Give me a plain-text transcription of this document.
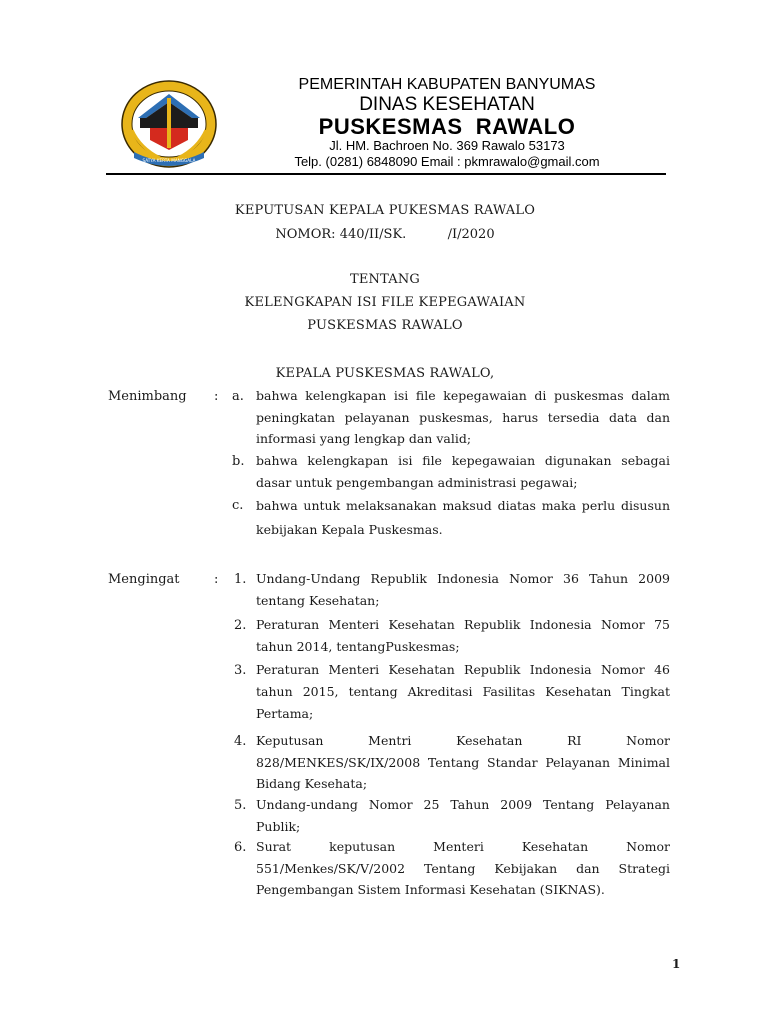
SATYA KERTA MANGGALA
PEMERINTAH KABUPATEN BANYUMAS
DINAS KESEHATAN
PUSKESMAS  RAWALO
Jl. HM. Bachroen No. 369 Rawalo 53173
Telp. (0281) 6848090 Email : pkmrawalo@gmail.com
KEPUTUSAN KEPALA PUKESMAS RAWALO
NOMOR: 440/II/SK.          /I/2020
TENTANG
KELENGKAPAN ISI FILE KEPEGAWAIAN
PUSKESMAS RAWALO
KEPALA PUSKESMAS RAWALO,
Menimbang : a. bahwa kelengkapan isi file kepegawaian di puskesmas dalam peningkatan pelayanan puskesmas, harus tersedia data dan informasi yang lengkap dan valid;
b. bahwa kelengkapan isi file kepegawaian digunakan sebagai dasar untuk pengembangan administrasi pegawai;
c. bahwa untuk melaksanakan maksud diatas maka perlu disusun kebijakan Kepala Puskesmas.
Mengingat	: 1. Undang-Undang Republik Indonesia Nomor 36 Tahun 2009 tentang Kesehatan;
2. Peraturan Menteri Kesehatan Republik Indonesia Nomor 75 tahun 2014, tentangPuskesmas;
3. Peraturan Menteri Kesehatan Republik Indonesia Nomor 46 tahun 2015, tentang Akreditasi Fasilitas Kesehatan Tingkat Pertama;
4. Keputusan Mentri Kesehatan RI Nomor 828/MENKES/SK/IX/2008 Tentang Standar Pelayanan Minimal Bidang Kesehata;
5. Undang-undang Nomor 25 Tahun 2009 Tentang Pelayanan Publik;
6. Surat keputusan Menteri Kesehatan Nomor 551/Menkes/SK/V/2002 Tentang Kebijakan dan Strategi Pengembangan Sistem Informasi Kesehatan (SIKNAS).
1
